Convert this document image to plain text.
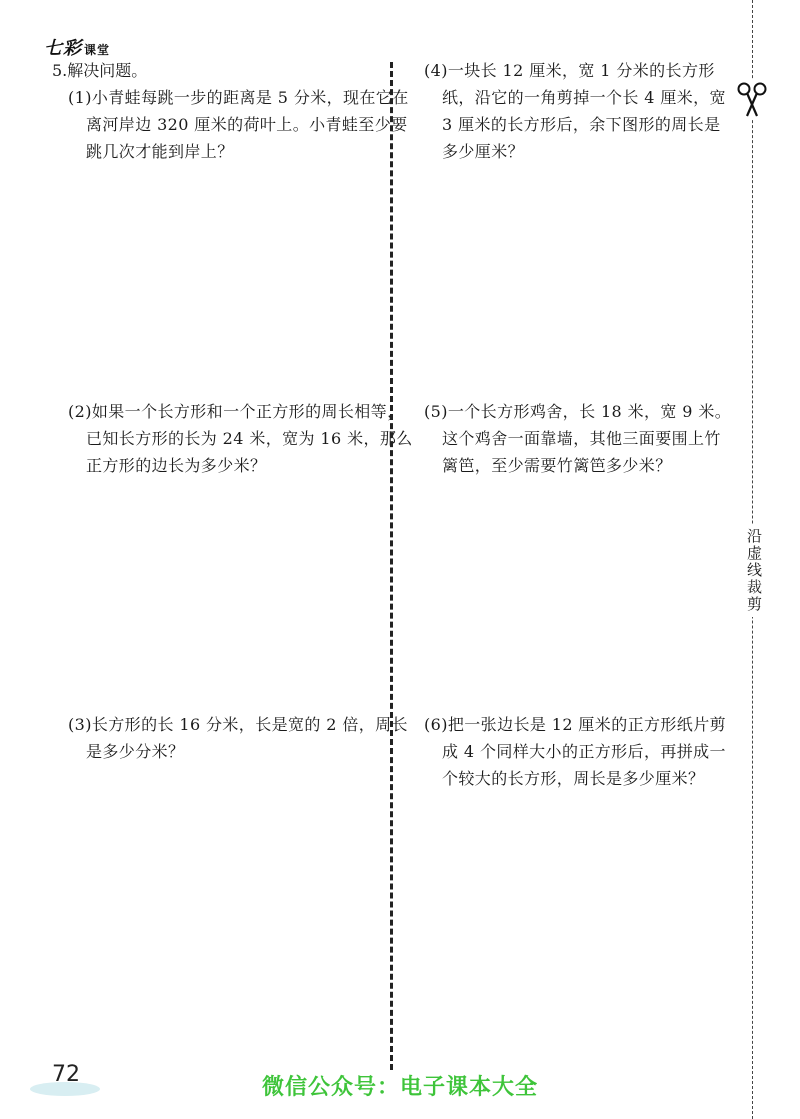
七彩 课堂
5.解决问题。
(1)小青蛙每跳一步的距离是 5 分米，现在它在离河岸边 320 厘米的荷叶上。小青蛙至少要跳几次才能到岸上？
(2)如果一个长方形和一个正方形的周长相等，已知长方形的长为 24 米，宽为 16 米，那么正方形的边长为多少米？
(3)长方形的长 16 分米，长是宽的 2 倍，周长是多少分米？
(4)一块长 12 厘米，宽 1 分米的长方形纸，沿它的一角剪掉一个长 4 厘米，宽 3 厘米的长方形后，余下图形的周长是多少厘米？
(5)一个长方形鸡舍，长 18 米，宽 9 米。这个鸡舍一面靠墙，其他三面要围上竹篱笆，至少需要竹篱笆多少米？
(6)把一张边长是 12 厘米的正方形纸片剪成 4 个同样大小的正方形后，再拼成一个较大的长方形，周长是多少厘米？
沿虚线裁剪
72
微信公众号：电子课本大全
